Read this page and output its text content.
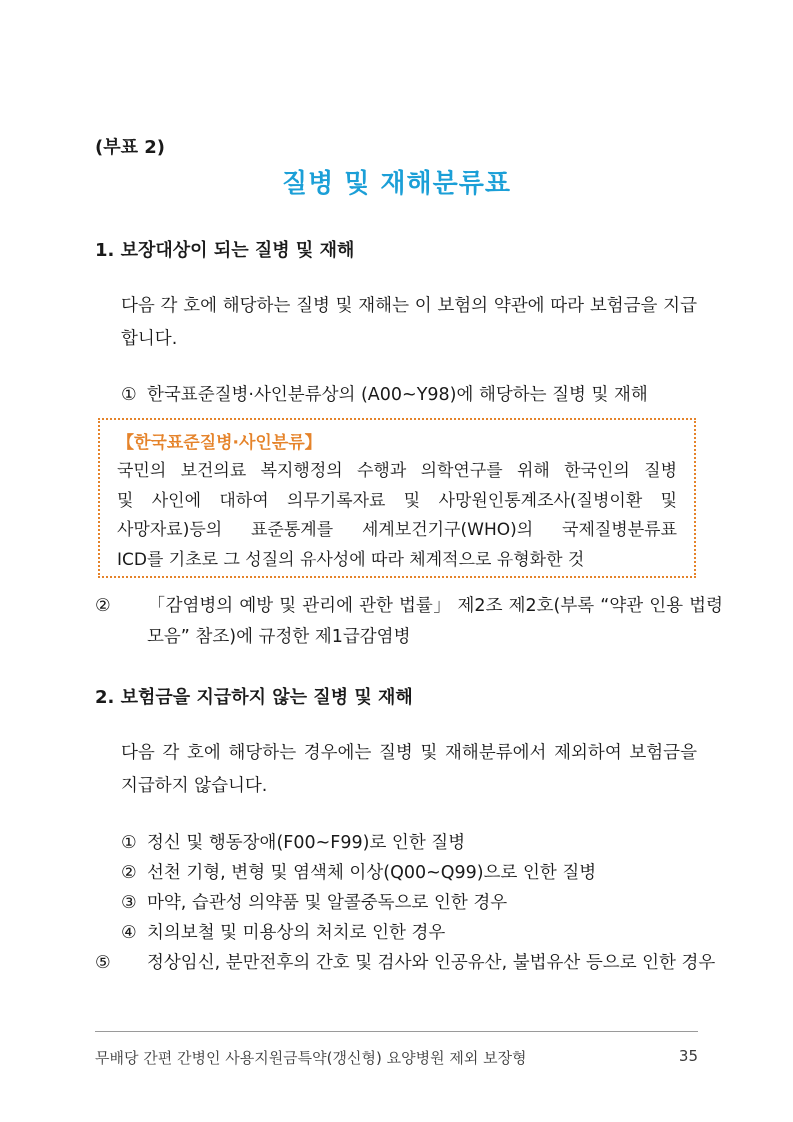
(부표 2)
질병 및 재해분류표
1. 보장대상이 되는 질병 및 재해
다음 각 호에 해당하는 질병 및 재해는 이 보험의 약관에 따라 보험금을 지급합니다.
① 한국표준질병·사인분류상의 (A00~Y98)에 해당하는 질병 및 재해
【한국표준질병·사인분류】
국민의 보건의료 복지행정의 수행과 의학연구를 위해 한국인의 질병
및 사인에 대하여 의무기록자료 및 사망원인통계조사(질병이환 및
사망자료)등의 표준통계를 세계보건기구(WHO)의 국제질병분류표
ICD를 기초로 그 성질의 유사성에 따라 체계적으로 유형화한 것
② 「감염병의 예방 및 관리에 관한 법률」 제2조 제2호(부록 “약관 인용 법령 모음” 참조)에 규정한 제1급감염병
2. 보험금을 지급하지 않는 질병 및 재해
다음 각 호에 해당하는 경우에는 질병 및 재해분류에서 제외하여 보험금을 지급하지 않습니다.
① 정신 및 행동장애(F00~F99)로 인한 질병
② 선천 기형, 변형 및 염색체 이상(Q00~Q99)으로 인한 질병
③ 마약, 습관성 의약품 및 알콜중독으로 인한 경우
④ 치의보철 및 미용상의 처치로 인한 경우
⑤ 정상임신, 분만전후의 간호 및 검사와 인공유산, 불법유산 등으로 인한 경우
무배당 간편 간병인 사용지원금특약(갱신형) 요양병원 제외 보장형	35
